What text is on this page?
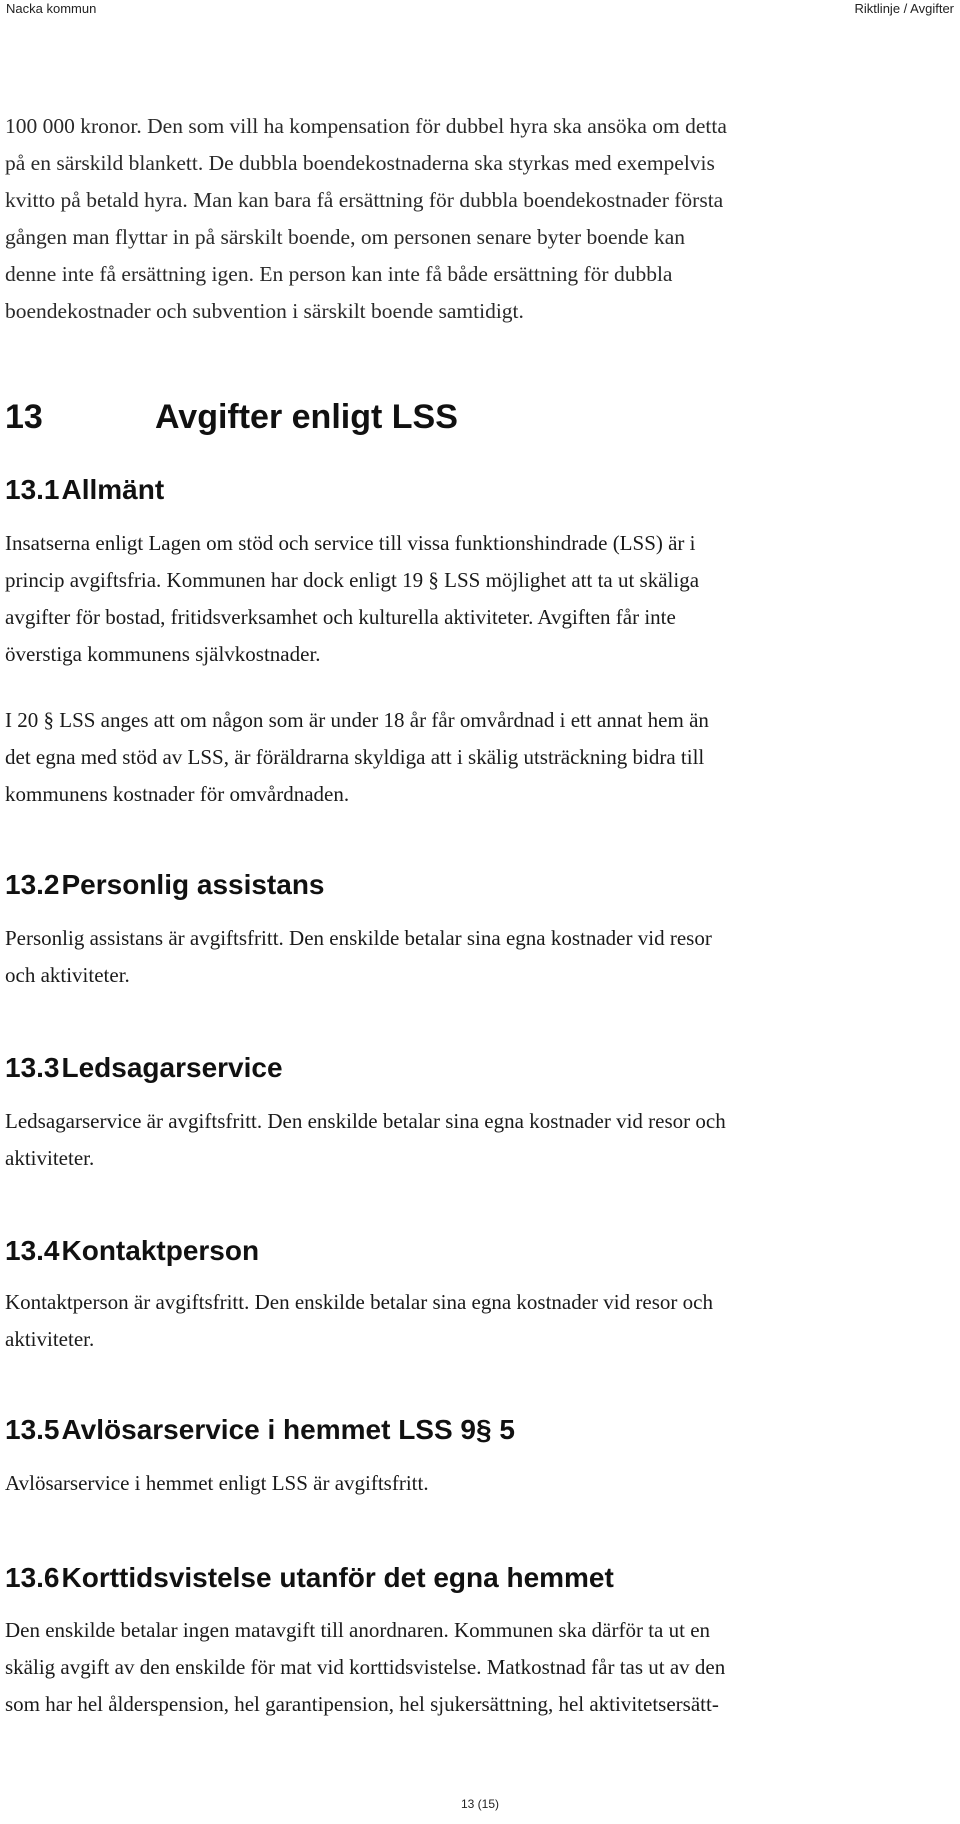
Nacka kommun	Riktlinje / Avgifter

100 000 kronor. Den som vill ha kompensation för dubbel hyra ska ansöka om detta
på en särskild blankett. De dubbla boendekostnaderna ska styrkas med exempelvis
kvitto på betald hyra. Man kan bara få ersättning för dubbla boendekostnader första
gången man flyttar in på särskilt boende, om personen senare byter boende kan
denne inte få ersättning igen. En person kan inte få både ersättning för dubbla
boendekostnader och subvention i särskilt boende samtidigt.

13	Avgifter enligt LSS
13.1Allmänt

Insatserna enligt Lagen om stöd och service till vissa funktionshindrade (LSS) är i
princip avgiftsfria. Kommunen har dock enligt 19 § LSS möjlighet att ta ut skäliga
avgifter för bostad, fritidsverksamhet och kulturella aktiviteter. Avgiften får inte
överstiga kommunens självkostnader.

I 20 § LSS anges att om någon som är under 18 år får omvårdnad i ett annat hem än
det egna med stöd av LSS, är föräldrarna skyldiga att i skälig utsträckning bidra till
kommunens kostnader för omvårdnaden.

13.2Personlig assistans

Personlig assistans är avgiftsfritt. Den enskilde betalar sina egna kostnader vid resor
och aktiviteter.

13.3Ledsagarservice

Ledsagarservice är avgiftsfritt. Den enskilde betalar sina egna kostnader vid resor och
aktiviteter.

13.4Kontaktperson

Kontaktperson är avgiftsfritt. Den enskilde betalar sina egna kostnader vid resor och
aktiviteter.

13.5Avlösarservice i hemmet LSS 9§ 5

Avlösarservice i hemmet enligt LSS är avgiftsfritt.

13.6Korttidsvistelse utanför det egna hemmet

Den enskilde betalar ingen matavgift till anordnaren. Kommunen ska därför ta ut en
skälig avgift av den enskilde för mat vid korttidsvistelse. Matkostnad får tas ut av den
som har hel ålderspension, hel garantipension, hel sjukersättning, hel aktivitetsersätt-

13 (15)
